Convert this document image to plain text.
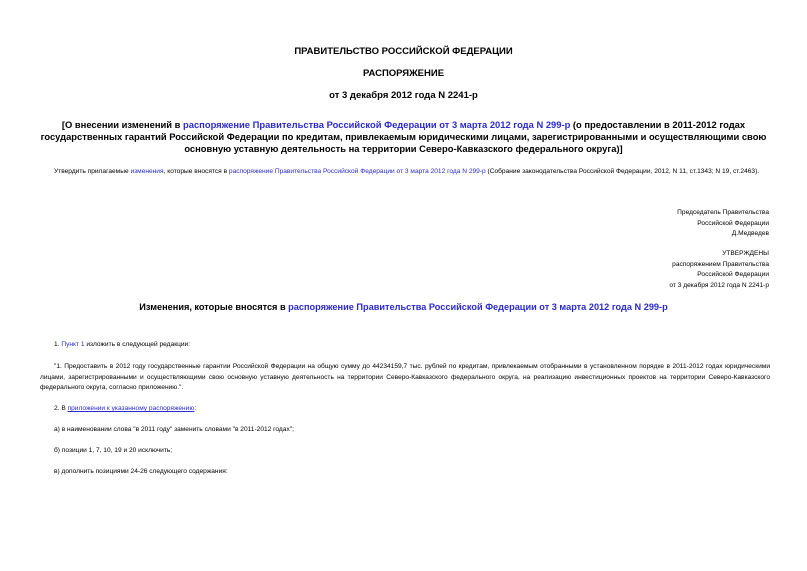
ПРАВИТЕЛЬСТВО РОССИЙСКОЙ ФЕДЕРАЦИИ
РАСПОРЯЖЕНИЕ
от 3 декабря 2012 года N 2241-р
[О внесении изменений в распоряжение Правительства Российской Федерации от 3 марта 2012 года N 299-р (о предоставлении в 2011-2012 годах государственных гарантий Российской Федерации по кредитам, привлекаемым юридическими лицами, зарегистрированными и осуществляющими свою основную уставную деятельность на территории Северо-Кавказского федерального округа)]
Утвердить прилагаемые изменения, которые вносятся в распоряжение Правительства Российской Федерации от 3 марта 2012 года N 299-р (Собрание законодательства Российской Федерации, 2012, N 11, ст.1343; N 19, ст.2463).
Председатель Правительства
Российской Федерации
Д.Медведев
УТВЕРЖДЕНЫ
распоряжением Правительства
Российской Федерации
от 3 декабря 2012 года N 2241-р
Изменения, которые вносятся в распоряжение Правительства Российской Федерации от 3 марта 2012 года N 299-р
1. Пункт 1 изложить в следующей редакции:
"1. Предоставить в 2012 году государственные гарантии Российской Федерации на общую сумму до 44234159,7 тыс. рублей по кредитам, привлекаемым отобранными в установленном порядке в 2011-2012 годах юридическими лицами, зарегистрированными и осуществляющими свою основную уставную деятельность на территории Северо-Кавказского федерального округа, на реализацию инвестиционных проектов на территории Северо-Кавказского федерального округа, согласно приложению.".
2. В приложении к указанному распоряжению:
а) в наименовании слова "в 2011 году" заменить словами "в 2011-2012 годах";
б) позиции 1, 7, 10, 19 и 20 исключить;
в) дополнить позициями 24-26 следующего содержания:
